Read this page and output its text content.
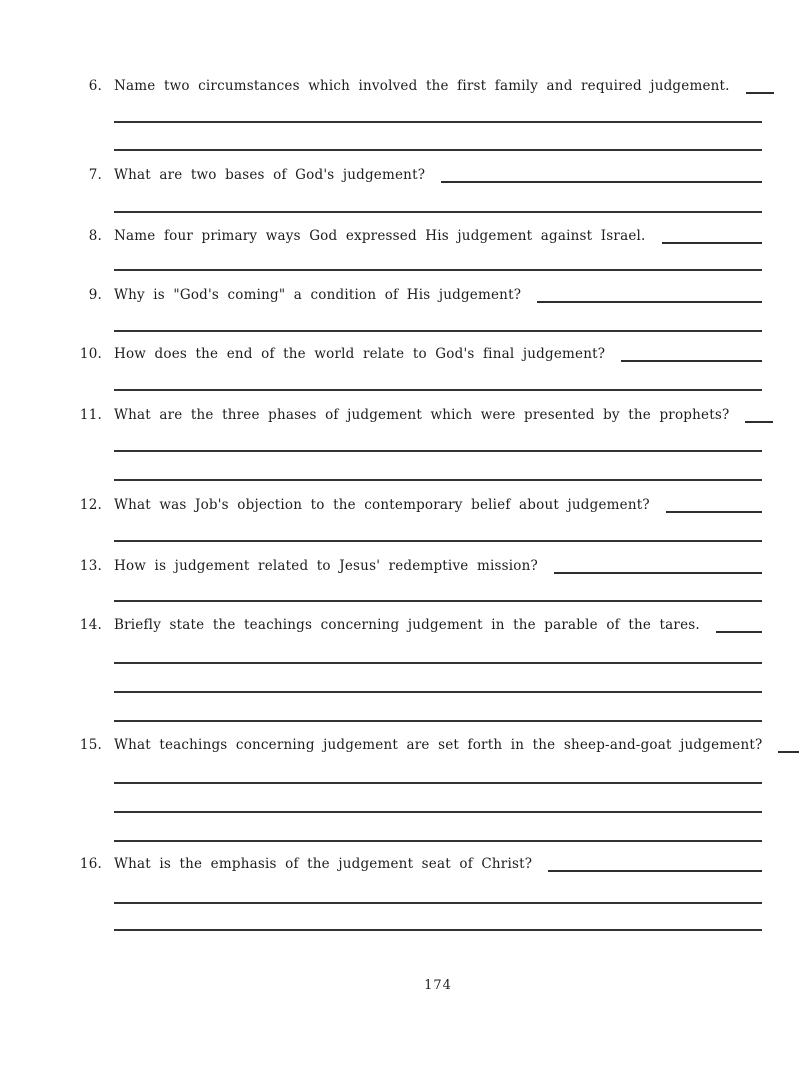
6. Name two circumstances which involved the first family and required judgement.
7. What are two bases of God's judgement?
8. Name four primary ways God expressed His judgement against Israel.
9. Why is "God's coming" a condition of His judgement?
10. How does the end of the world relate to God's final judgement?
11. What are the three phases of judgement which were presented by the prophets?
12. What was Job's objection to the contemporary belief about judgement?
13. How is judgement related to Jesus' redemptive mission?
14. Briefly state the teachings concerning judgement in the parable of the tares.
15. What teachings concerning judgement are set forth in the sheep-and-goat judgement?
16. What is the emphasis of the judgement seat of Christ?
174
